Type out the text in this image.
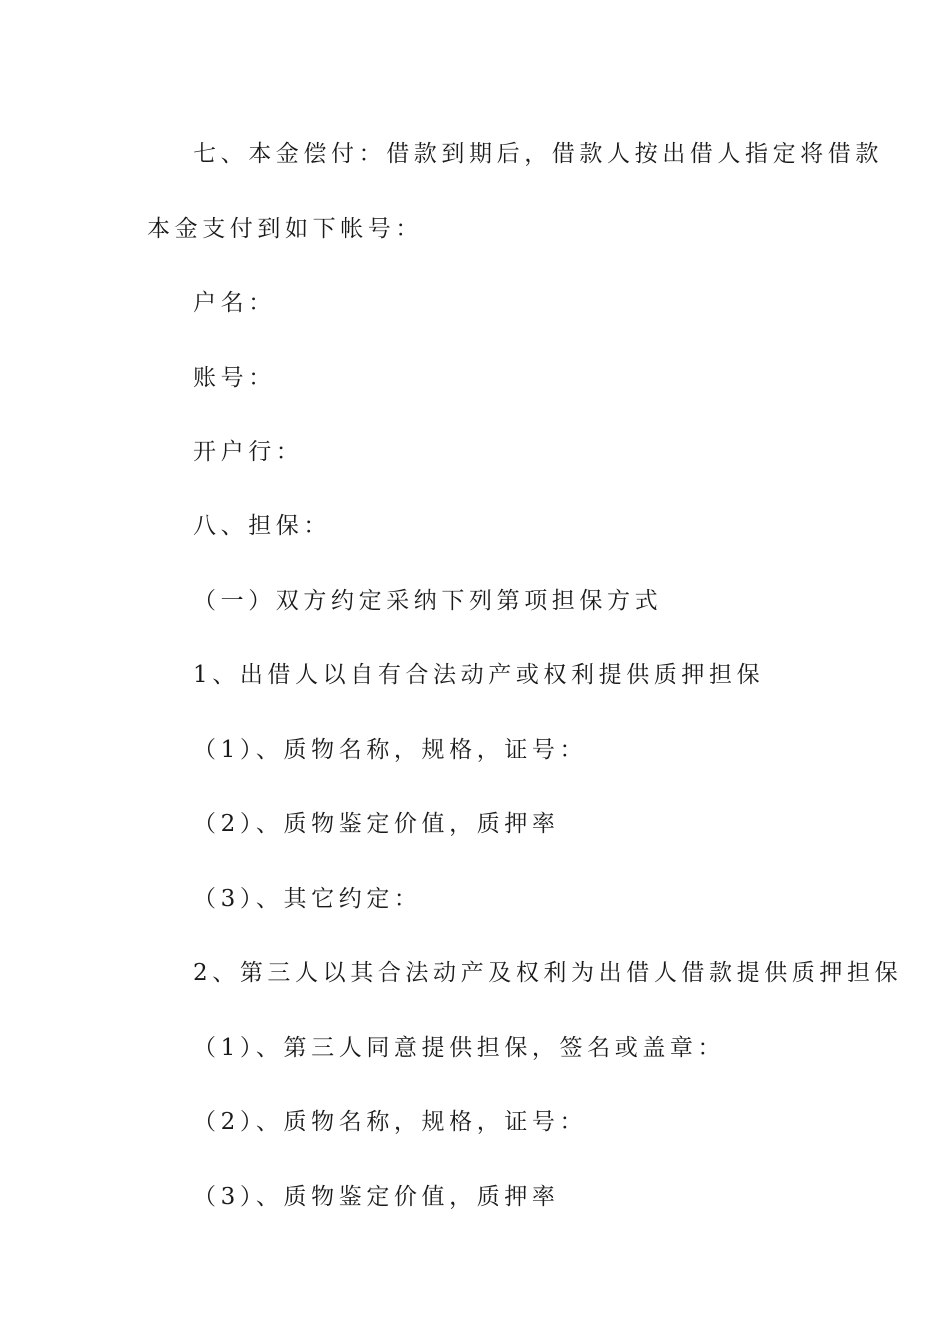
七、本金偿付：借款到期后，借款人按出借人指定将借款
本金支付到如下帐号：
户名：
账号：
开户行：
八、担保：
（一）双方约定采纳下列第项担保方式
1、出借人以自有合法动产或权利提供质押担保
（1）、质物名称，规格，证号：
（2）、质物鉴定价值，质押率
（3）、其它约定：
2、第三人以其合法动产及权利为出借人借款提供质押担保
（1）、第三人同意提供担保，签名或盖章：
（2）、质物名称，规格，证号：
（3）、质物鉴定价值，质押率
